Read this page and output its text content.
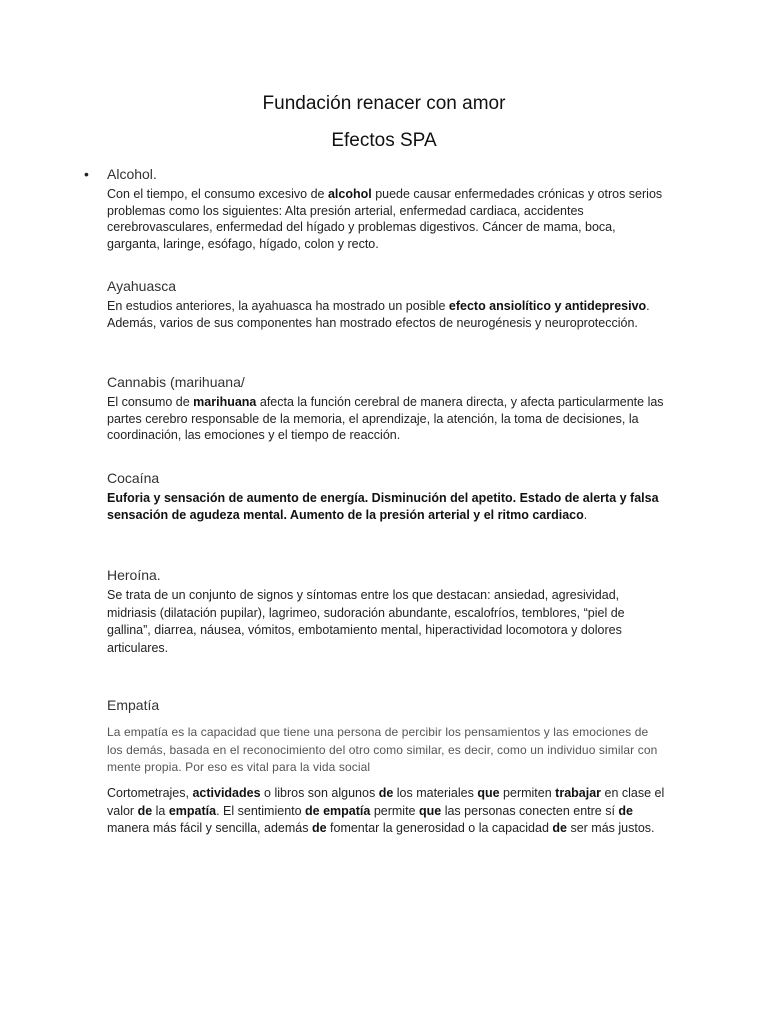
Fundación renacer con amor
Efectos SPA
• Alcohol.

Con el tiempo, el consumo excesivo de alcohol puede causar enfermedades crónicas y otros serios problemas como los siguientes: Alta presión arterial, enfermedad cardiaca, accidentes cerebrovasculares, enfermedad del hígado y problemas digestivos. Cáncer de mama, boca, garganta, laringe, esófago, hígado, colon y recto.

Ayahuasca

En estudios anteriores, la ayahuasca ha mostrado un posible efecto ansiolítico y antidepresivo. Además, varios de sus componentes han mostrado efectos de neurogénesis y neuroprotección.

Cannabis (marihuana/

El consumo de marihuana afecta la función cerebral de manera directa, y afecta particularmente las partes cerebro responsable de la memoria, el aprendizaje, la atención, la toma de decisiones, la coordinación, las emociones y el tiempo de reacción.

Cocaína

Euforia y sensación de aumento de energía. Disminución del apetito. Estado de alerta y falsa sensación de agudeza mental. Aumento de la presión arterial y el ritmo cardiaco.

Heroína.

Se trata de un conjunto de signos y síntomas entre los que destacan: ansiedad, agresividad, midriasis (dilatación pupilar), lagrimeo, sudoración abundante, escalofríos, temblores, “piel de gallina”, diarrea, náusea, vómitos, embotamiento mental, hiperactividad locomotora y dolores articulares.

Empatía

La empatía es la capacidad que tiene una persona de percibir los pensamientos y las emociones de los demás, basada en el reconocimiento del otro como similar, es decir, como un individuo similar con mente propia. Por eso es vital para la vida social

Cortometrajes, actividades o libros son algunos de los materiales que permiten trabajar en clase el valor de la empatía. El sentimiento de empatía permite que las personas conecten entre sí de manera más fácil y sencilla, además de fomentar la generosidad o la capacidad de ser más justos.
